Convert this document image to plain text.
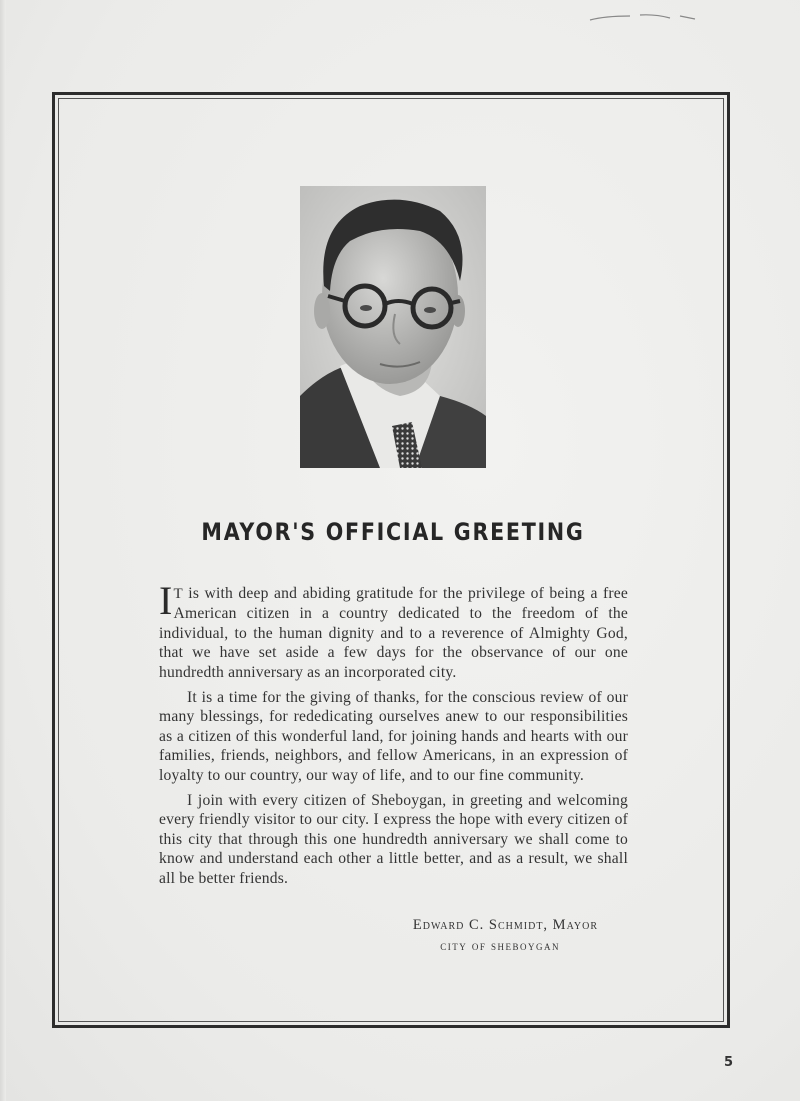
MAYOR'S OFFICIAL GREETING

I T is with deep and abiding gratitude for the privilege of being a free American citizen in a country dedicated to the freedom of the individual, to the human dignity and to a reverence of Almighty God, that we have set aside a few days for the observance of our one hundredth anniversary as an incorporated city.

It is a time for the giving of thanks, for the conscious review of our many blessings, for rededicating ourselves anew to our responsibilities as a citizen of this wonderful land, for joining hands and hearts with our families, friends, neighbors, and fellow Americans, in an expression of loyalty to our country, our way of life, and to our fine community.

I join with every citizen of Sheboygan, in greeting and welcoming every friendly visitor to our city. I express the hope with every citizen of this city that through this one hundredth anniversary we shall come to know and understand each other a little better, and as a result, we shall all be better friends.

Edward C. Schmidt, Mayor
city of sheboygan
5
